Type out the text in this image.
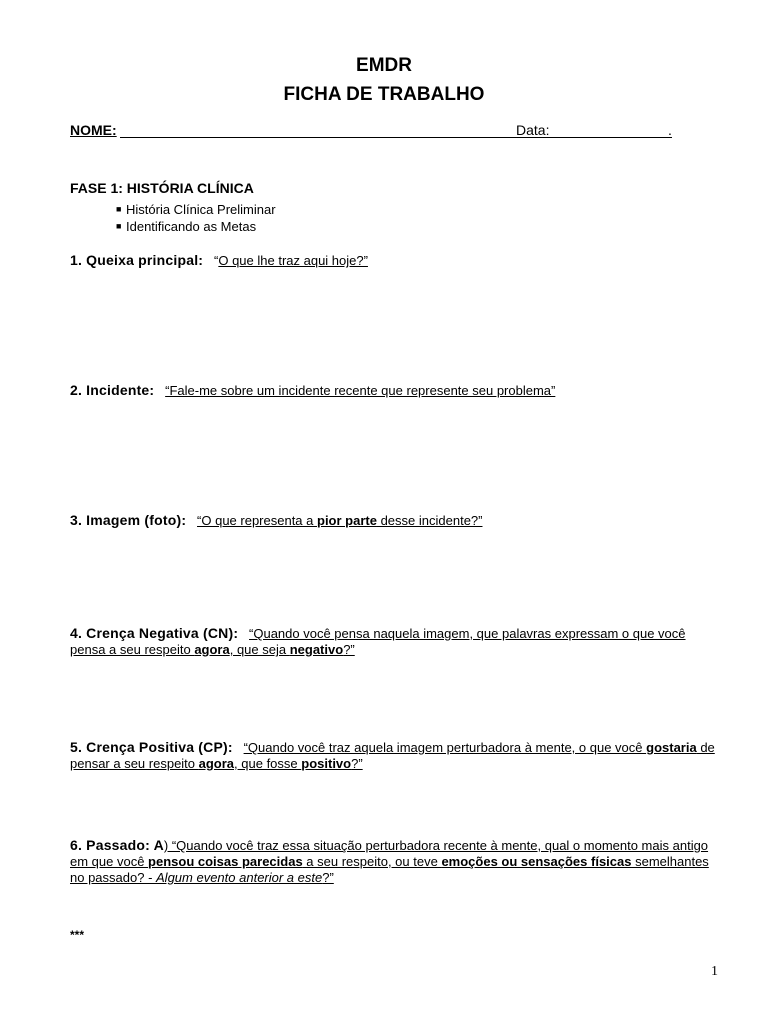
EMDR
FICHA DE TRABALHO
NOME:	Data:	.
FASE 1: HISTÓRIA CLÍNICA
■ História Clínica Preliminar
■ Identificando as Metas
1. Queixa principal: “O que lhe traz aqui hoje?”
2. Incidente: “Fale-me sobre um incidente recente que represente seu problema”
3. Imagem (foto): “O que representa a pior parte desse incidente?”
4. Crença Negativa (CN): “Quando você pensa naquela imagem, que palavras expressam o que você pensa a seu respeito agora, que seja negativo?”
5. Crença Positiva (CP): “Quando você traz aquela imagem perturbadora à mente, o que você gostaria de pensar a seu respeito agora, que fosse positivo?”
6. Passado: A) “Quando você traz essa situação perturbadora recente à mente, qual o momento mais antigo em que você pensou coisas parecidas a seu respeito, ou teve emoções ou sensações físicas semelhantes no passado? - Algum evento anterior a este?”
***
1
